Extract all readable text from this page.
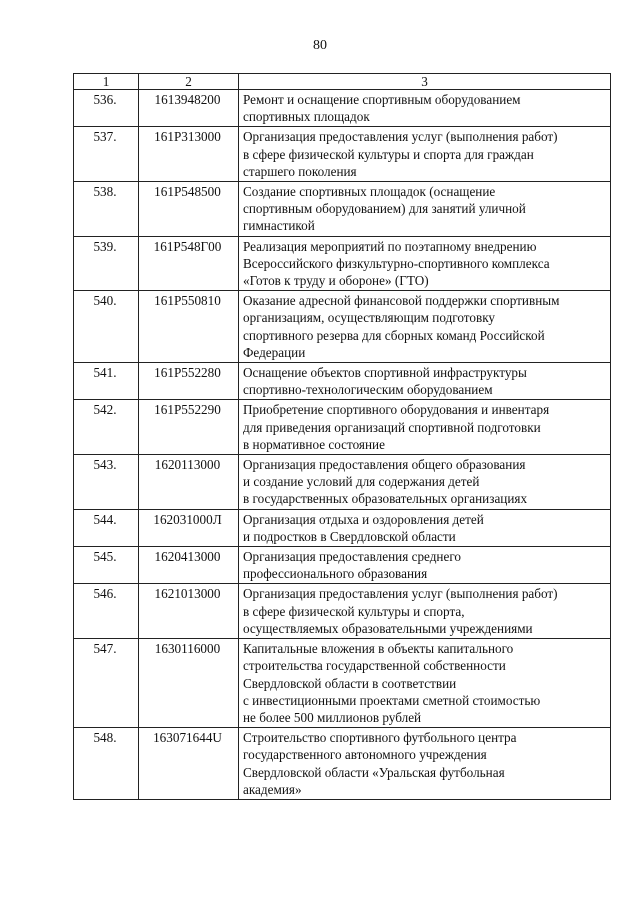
80
1	2	3
536.	1613948200	Ремонт и оснащение спортивным оборудованием
спортивных площадок
537.	161Р313000	Организация предоставления услуг (выполнения работ)
в сфере физической культуры и спорта для граждан
старшего поколения
538.	161Р548500	Создание спортивных площадок (оснащение
спортивным оборудованием) для занятий уличной
гимнастикой
539.	161Р548Г00	Реализация мероприятий по поэтапному внедрению
Всероссийского физкультурно-спортивного комплекса
«Готов к труду и обороне» (ГТО)
540.	161Р550810	Оказание адресной финансовой поддержки спортивным
организациям, осуществляющим подготовку
спортивного резерва для сборных команд Российской
Федерации
541.	161Р552280	Оснащение объектов спортивной инфраструктуры
спортивно-технологическим оборудованием
542.	161Р552290	Приобретение спортивного оборудования и инвентаря
для приведения организаций спортивной подготовки
в нормативное состояние
543.	1620113000	Организация предоставления общего образования
и создание условий для содержания детей
в государственных образовательных организациях
544.	162031000Л	Организация отдыха и оздоровления детей
и подростков в Свердловской области
545.	1620413000	Организация предоставления среднего
профессионального образования
546.	1621013000	Организация предоставления услуг (выполнения работ)
в сфере физической культуры и спорта,
осуществляемых образовательными учреждениями
547.	1630116000	Капитальные вложения в объекты капитального
строительства государственной собственности
Свердловской области в соответствии
с инвестиционными проектами сметной стоимостью
не более 500 миллионов рублей
548.	163071644U	Строительство спортивного футбольного центра
государственного автономного учреждения
Свердловской области «Уральская футбольная
академия»
